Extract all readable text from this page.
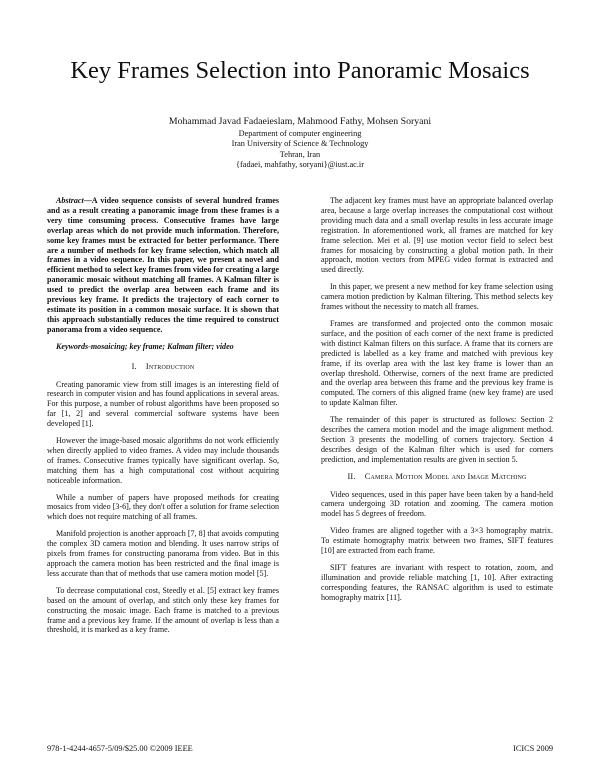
Key Frames Selection into Panoramic Mosaics
Mohammad Javad Fadaeieslam, Mahmood Fathy, Mohsen Soryani
Department of computer engineering
Iran University of Science & Technology
Tehran, Iran
{fadaei, mahfathy, soryani}@iust.ac.ir

Abstract—A video sequence consists of several hundred frames and as a result creating a panoramic image from these frames is a very time consuming process. Consecutive frames have large overlap areas which do not provide much information. Therefore, some key frames must be extracted for better performance. There are a number of methods for key frame selection, which match all frames in a video sequence. In this paper, we present a novel and efficient method to select key frames from video for creating a large panoramic mosaic without matching all frames. A Kalman filter is used to predict the overlap area between each frame and its previous key frame. It predicts the trajectory of each corner to estimate its position in a common mosaic surface. It is shown that this approach substantially reduces the time required to construct panorama from a video sequence.

Keywords-mosaicing; key frame; Kalman filter; video

I. Introduction

Creating panoramic view from still images is an interesting field of research in computer vision and has found applications in several areas. For this purpose, a number of robust algorithms have been proposed so far [1, 2] and several commercial software systems have been developed [1].

However the image-based mosaic algorithms do not work efficiently when directly applied to video frames. A video may include thousands of frames. Consecutive frames typically have significant overlap. So, matching them has a high computational cost without acquiring noticeable information.

While a number of papers have proposed methods for creating mosaics from video [3-6], they don't offer a solution for frame selection which does not require matching of all frames.

Manifold projection is another approach [7, 8] that avoids computing the complex 3D camera motion and blending. It uses narrow strips of pixels from frames for constructing panorama from video. But in this approach the camera motion has been restricted and the final image is less accurate than that of methods that use camera motion model [5].

To decrease computational cost, Steedly et al. [5] extract key frames based on the amount of overlap, and stitch only these key frames for constructing the mosaic image. Each frame is matched to a previous frame and a previous key frame. If the amount of overlap is less than a threshold, it is marked as a key frame.

The adjacent key frames must have an appropriate balanced overlap area, because a large overlap increases the computational cost without providing much data and a small overlap results in less accurate image registration. In aforementioned work, all frames are matched for key frame selection. Mei et al. [9] use motion vector field to select best frames for mosaicing by constructing a global motion path. In their approach, motion vectors from MPEG video format is extracted and used directly.

In this paper, we present a new method for key frame selection using camera motion prediction by Kalman filtering. This method selects key frames without the necessity to match all frames.

Frames are transformed and projected onto the common mosaic surface, and the position of each corner of the next frame is predicted with distinct Kalman filters on this surface. A frame that its corners are predicted is labelled as a key frame and matched with previous key frame, if its overlap area with the last key frame is lower than an overlap threshold. Otherwise, corners of the next frame are predicted and the overlap area between this frame and the previous key frame is computed. The corners of this aligned frame (new key frame) are used to update Kalman filter.

The remainder of this paper is structured as follows: Section 2 describes the camera motion model and the image alignment method. Section 3 presents the modelling of corners trajectory. Section 4 describes design of the Kalman filter which is used for corners prediction, and implementation results are given in section 5.

II. Camera Motion Model and Image Matching

Video sequences, used in this paper have been taken by a hand-held camera undergoing 3D rotation and zooming. The camera motion model has 5 degrees of freedom.

Video frames are aligned together with a 3×3 homography matrix. To estimate homography matrix between two frames, SIFT features [10] are extracted from each frame.

SIFT features are invariant with respect to rotation, zoom, and illumination and provide reliable matching [1, 10]. After extracting corresponding features, the RANSAC algorithm is used to estimate homography matrix [11].

978-1-4244-4657-5/09/$25.00 ©2009 IEEE	ICICS 2009
